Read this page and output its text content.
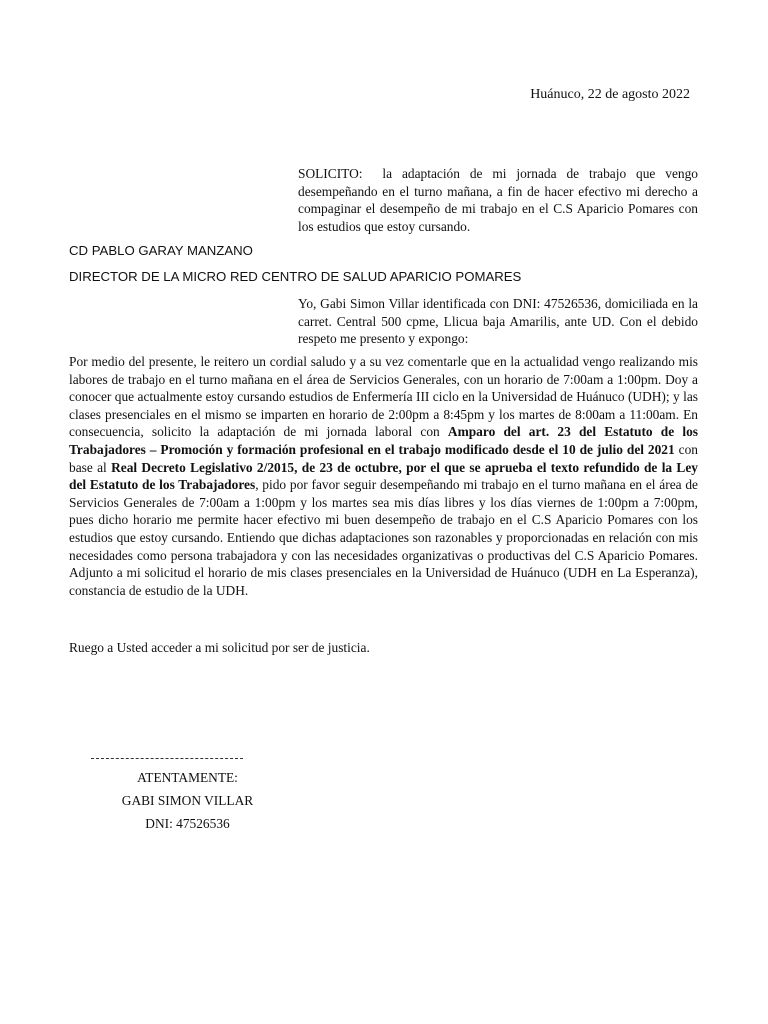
Huánuco, 22 de agosto 2022
SOLICITO: la adaptación de mi jornada de trabajo que vengo desempeñando en el turno mañana, a fin de hacer efectivo mi derecho a compaginar el desempeño de mi trabajo en el C.S Aparicio Pomares con los estudios que estoy cursando.
CD PABLO GARAY MANZANO
DIRECTOR DE LA MICRO RED CENTRO DE SALUD APARICIO POMARES
Yo, Gabi Simon Villar identificada con DNI: 47526536, domiciliada en la carret. Central 500 cpme, Llicua baja Amarilis, ante UD. Con el debido respeto me presento y expongo:
Por medio del presente, le reitero un cordial saludo y a su vez comentarle que en la actualidad vengo realizando mis labores de trabajo en el turno mañana en el área de Servicios Generales, con un horario de 7:00am a 1:00pm. Doy a conocer que actualmente estoy cursando estudios de Enfermería III ciclo en la Universidad de Huánuco (UDH); y las clases presenciales en el mismo se imparten en horario de 2:00pm a 8:45pm y los martes de 8:00am a 11:00am. En consecuencia, solicito la adaptación de mi jornada laboral con Amparo del art. 23 del Estatuto de los Trabajadores – Promoción y formación profesional en el trabajo modificado desde el 10 de julio del 2021 con base al Real Decreto Legislativo 2/2015, de 23 de octubre, por el que se aprueba el texto refundido de la Ley del Estatuto de los Trabajadores, pido por favor seguir desempeñando mi trabajo en el turno mañana en el área de Servicios Generales de 7:00am a 1:00pm y los martes sea mis días libres y los días viernes de 1:00pm a 7:00pm, pues dicho horario me permite hacer efectivo mi buen desempeño de trabajo en el C.S Aparicio Pomares con los estudios que estoy cursando. Entiendo que dichas adaptaciones son razonables y proporcionadas en relación con mis necesidades como persona trabajadora y con las necesidades organizativas o productivas del C.S Aparicio Pomares. Adjunto a mi solicitud el horario de mis clases presenciales en la Universidad de Huánuco (UDH en La Esperanza), constancia de estudio de la UDH.
Ruego a Usted acceder a mi solicitud por ser de justicia.
ATENTAMENTE:
GABI SIMON VILLAR
DNI: 47526536
